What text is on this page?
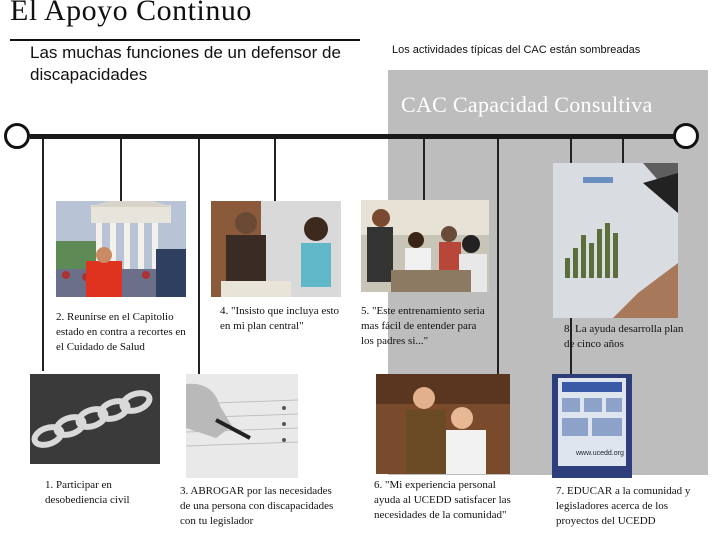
El Apoyo Continuo
Las muchas funciones de un defensor de discapacidades
Los actividades típicas del CAC están sombreadas
CAC Capacidad Consultiva
2. Reunirse en el Capitolio estado en contra a recortes en el Cuidado de Salud
4. "Insisto que incluya esto en mi plan central"
5. "Este entrenamiento seria mas fácil de entender para los padres si..."
8. La ayuda desarrolla plan de cinco años
1. Participar en desobediencia civil
3. ABROGAR por las necesidades de una persona con discapacidades con tu legislador
6. "Mi experiencia personal ayuda al UCEDD satisfacer las necesidades de la comunidad"
www.ucedd.org
7. EDUCAR a la comunidad y legisladores acerca de los proyectos del UCEDD
